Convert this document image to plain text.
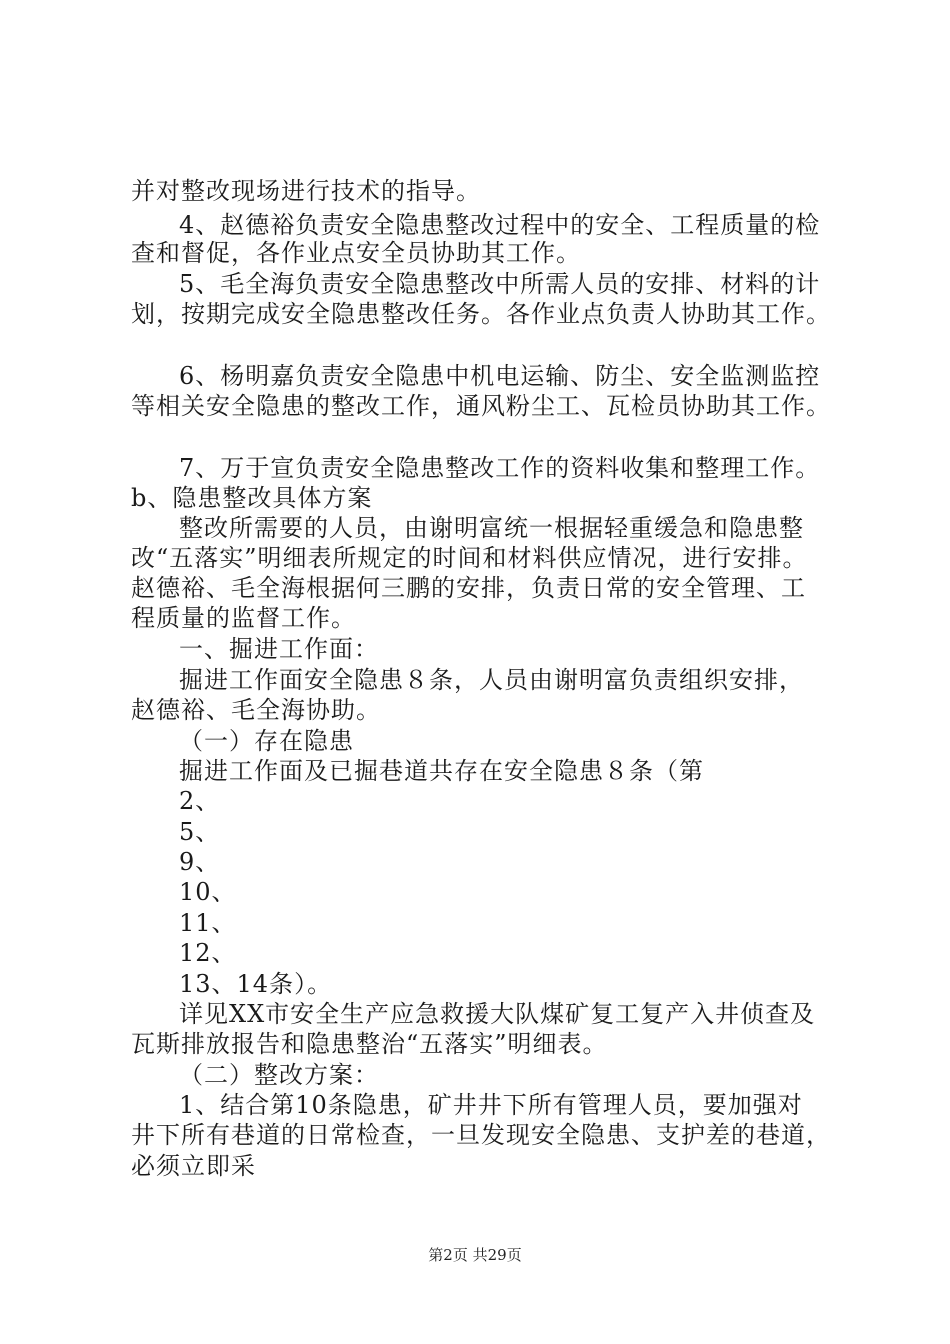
并对整改现场进行技术的指导。
4、赵德裕负责安全隐患整改过程中的安全、工程质量的检
查和督促，各作业点安全员协助其工作。
5、毛全海负责安全隐患整改中所需人员的安排、材料的计
划，按期完成安全隐患整改任务。各作业点负责人协助其工作。
6、杨明嘉负责安全隐患中机电运输、防尘、安全监测监控
等相关安全隐患的整改工作，通风粉尘工、瓦检员协助其工作。
7、万于宣负责安全隐患整改工作的资料收集和整理工作。
b、隐患整改具体方案
整改所需要的人员，由谢明富统一根据轻重缓急和隐患整
改“五落实”明细表所规定的时间和材料供应情况，进行安排。
赵德裕、毛全海根据何三鹏的安排，负责日常的安全管理、工
程质量的监督工作。
一、掘进工作面：
掘进工作面安全隐患８条，人员由谢明富负责组织安排，
赵德裕、毛全海协助。
（一）存在隐患
掘进工作面及已掘巷道共存在安全隐患８条（第
2、
5、
9、
10、
11、
12、
13、14条）。
详见XX市安全生产应急救援大队煤矿复工复产入井侦查及
瓦斯排放报告和隐患整治“五落实”明细表。
（二）整改方案：
1、结合第10条隐患，矿井井下所有管理人员，要加强对
井下所有巷道的日常检查，一旦发现安全隐患、支护差的巷道，
必须立即采
第2页 共29页
